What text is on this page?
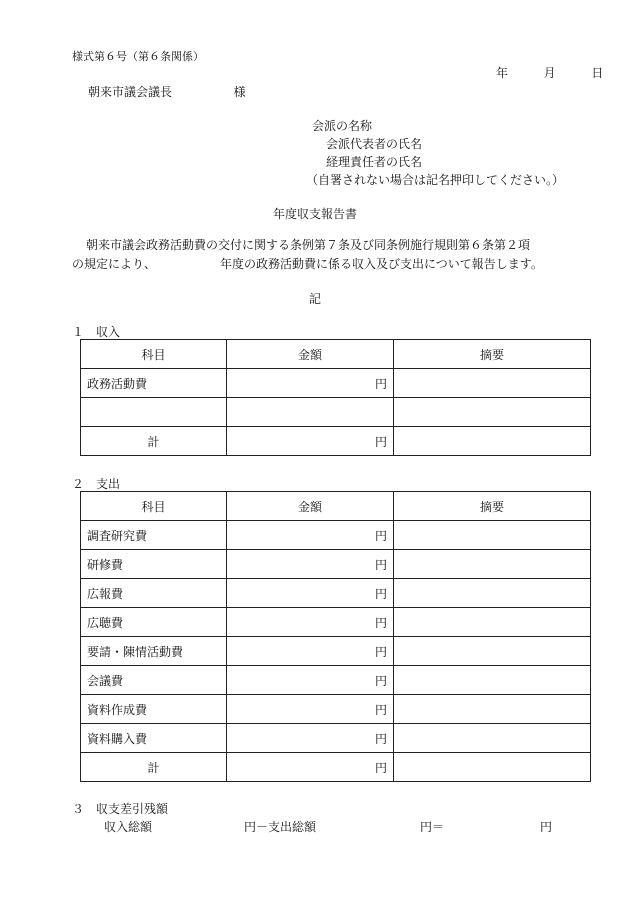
様式第６号（第６条関係）
年	月	日
朝来市議会議長	様
会派の名称
会派代表者の氏名
経理責任者の氏名
（自署されない場合は記名押印してください。）
年度収支報告書
朝来市議会政務活動費の交付に関する条例第７条及び同条例施行規則第６条第２項
の規定により、	年度の政務活動費に係る収入及び支出について報告します。
記
１　収入
科目	金額	摘要
政務活動費	円	

計	円	
２　支出
科目	金額	摘要
調査研究費	円	
研修費	円	
広報費	円	
広聴費	円	
要請・陳情活動費	円	
会議費	円	
資料作成費	円	
資料購入費	円	
計	円	
３　収支差引残額
収入総額	円－支出総額	円＝	円
